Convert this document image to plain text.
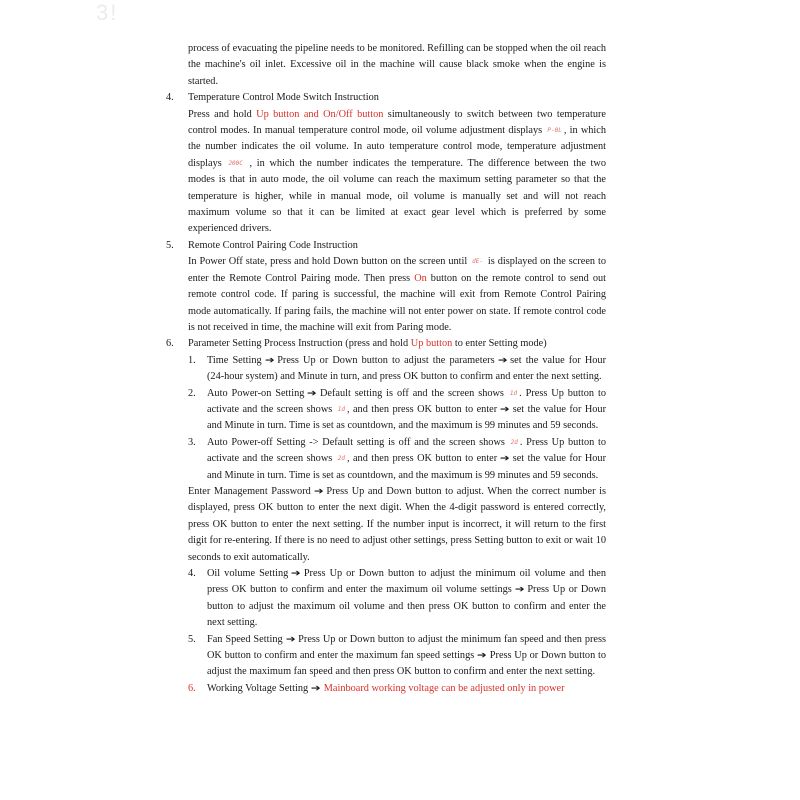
3!

process of evacuating the pipeline needs to be monitored. Refilling can be stopped when the oil reach the machine's oil inlet. Excessive oil in the machine will cause black smoke when the engine is started.

4. Temperature Control Mode Switch Instruction

Press and hold Up button and On/Off button simultaneously to switch between two temperature control modes. In manual temperature control mode, oil volume adjustment displays P-0L , in which the number indicates the oil volume. In auto temperature control mode, temperature adjustment displays 200C , in which the number indicates the temperature. The difference between the two modes is that in auto mode, the oil volume can reach the maximum setting parameter so that the temperature is higher, while in manual mode, oil volume is manually set and will not reach maximum volume so that it can be limited at exact gear level which is preferred by some experienced drivers.

5. Remote Control Pairing Code Instruction

In Power Off state, press and hold Down button on the screen until dE- is displayed on the screen to enter the Remote Control Pairing mode. Then press On button on the remote control to send out remote control code. If paring is successful, the machine will exit from Remote Control Pairing mode automatically. If paring fails, the machine will not enter power on state. If remote control code is not received in time, the machine will exit from Paring mode.

6. Parameter Setting Process Instruction (press and hold Up button to enter Setting mode)

1. Time Setting ➔ Press Up or Down button to adjust the parameters ➔ set the value for Hour (24-hour system) and Minute in turn, and press OK button to confirm and enter the next setting.

2. Auto Power-on Setting ➔ Default setting is off and the screen shows 1d . Press Up button to activate and the screen shows 1d , and then press OK button to enter ➔ set the value for Hour and Minute in turn. Time is set as countdown, and the maximum is 99 minutes and 59 seconds.

3. Auto Power-off Setting -> Default setting is off and the screen shows 2d . Press Up button to activate and the screen shows 2d , and then press OK button to enter ➔ set the value for Hour and Minute in turn. Time is set as countdown, and the maximum is 99 minutes and 59 seconds.

Enter Management Password ➔ Press Up and Down button to adjust. When the correct number is displayed, press OK button to enter the next digit. When the 4-digit password is entered correctly, press OK button to enter the next setting. If the number input is incorrect, it will return to the first digit for re-entering. If there is no need to adjust other settings, press Setting button to exit or wait 10 seconds to exit automatically.

4. Oil volume Setting ➔ Press Up or Down button to adjust the minimum oil volume and then press OK button to confirm and enter the maximum oil volume settings ➔ Press Up or Down button to adjust the maximum oil volume and then press OK button to confirm and enter the next setting.

5. Fan Speed Setting ➔ Press Up or Down button to adjust the minimum fan speed and then press OK button to confirm and enter the maximum fan speed settings ➔ Press Up or Down button to adjust the maximum fan speed and then press OK button to confirm and enter the next setting.

6. Working Voltage Setting ➔ Mainboard working voltage can be adjusted only in power
